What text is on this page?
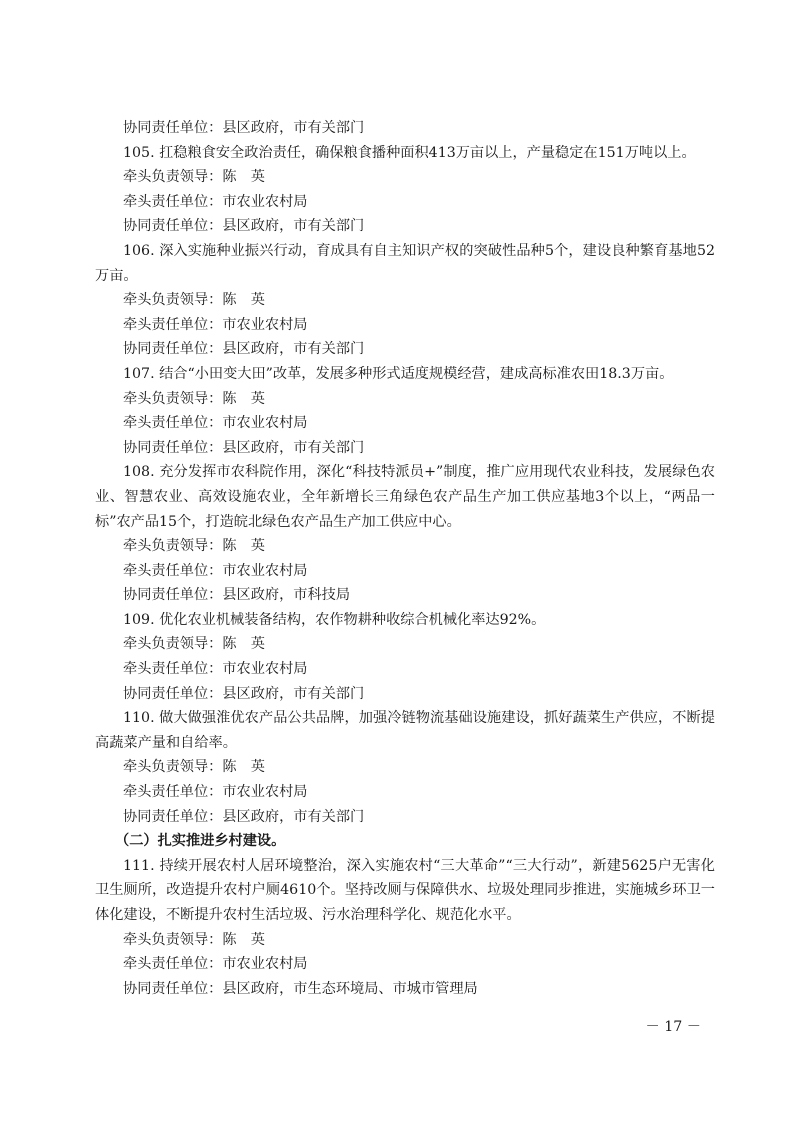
协同责任单位：县区政府，市有关部门
105. 扛稳粮食安全政治责任，确保粮食播种面积413万亩以上，产量稳定在151万吨以上。
牵头负责领导：陈　英
牵头责任单位：市农业农村局
协同责任单位：县区政府，市有关部门
106. 深入实施种业振兴行动，育成具有自主知识产权的突破性品种5个，建设良种繁育基地52万亩。
牵头负责领导：陈　英
牵头责任单位：市农业农村局
协同责任单位：县区政府，市有关部门
107. 结合“小田变大田”改革，发展多种形式适度规模经营，建成高标准农田18.3万亩。
牵头负责领导：陈　英
牵头责任单位：市农业农村局
协同责任单位：县区政府，市有关部门
108. 充分发挥市农科院作用，深化“科技特派员+”制度，推广应用现代农业科技，发展绿色农业、智慧农业、高效设施农业，全年新增长三角绿色农产品生产加工供应基地3个以上，“两品一标”农产品15个，打造皖北绿色农产品生产加工供应中心。
牵头负责领导：陈　英
牵头责任单位：市农业农村局
协同责任单位：县区政府，市科技局
109. 优化农业机械装备结构，农作物耕种收综合机械化率达92%。
牵头负责领导：陈　英
牵头责任单位：市农业农村局
协同责任单位：县区政府，市有关部门
110. 做大做强淮优农产品公共品牌，加强冷链物流基础设施建设，抓好蔬菜生产供应，不断提高蔬菜产量和自给率。
牵头负责领导：陈　英
牵头责任单位：市农业农村局
协同责任单位：县区政府，市有关部门
（二）扎实推进乡村建设。
111. 持续开展农村人居环境整治，深入实施农村“三大革命”“三大行动”，新建5625户无害化卫生厕所，改造提升农村户厕4610个。坚持改厕与保障供水、垃圾处理同步推进，实施城乡环卫一体化建设，不断提升农村生活垃圾、污水治理科学化、规范化水平。
牵头负责领导：陈　英
牵头责任单位：市农业农村局
协同责任单位：县区政府，市生态环境局、市城市管理局
－ 17 －
